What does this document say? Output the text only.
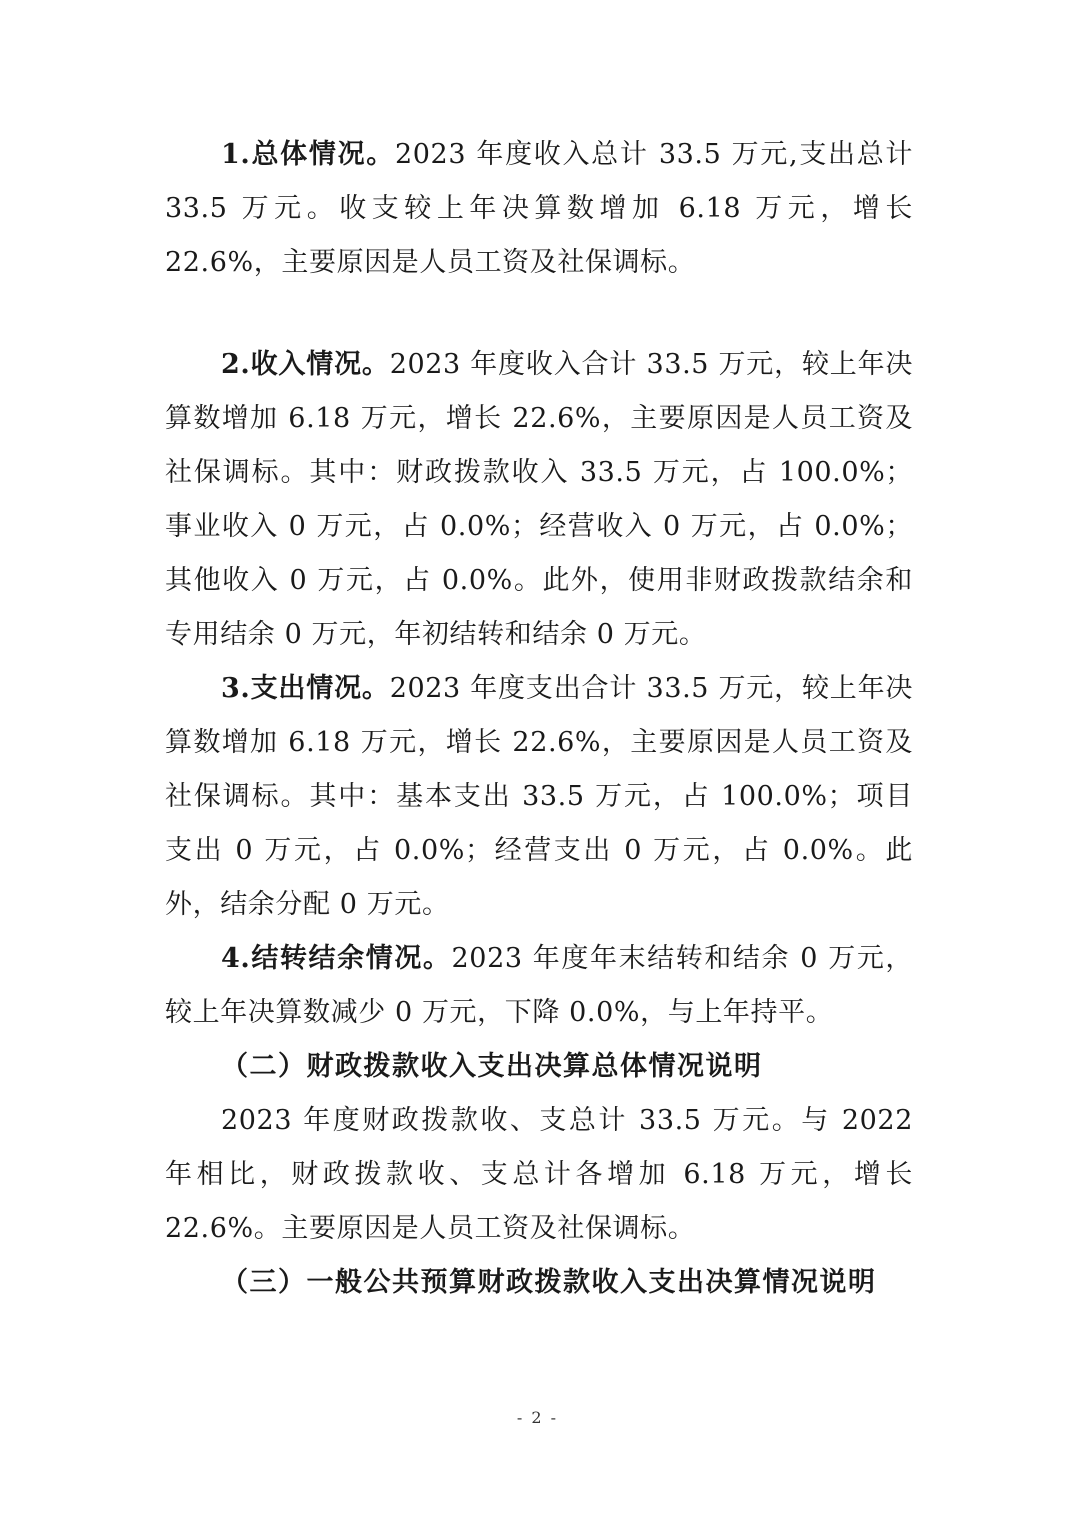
1.总体情况。2023 年度收入总计 33.5 万元,支出总计 33.5 万元。收支较上年决算数增加 6.18 万元，增长 22.6%，主要原因是人员工资及社保调标。

2.收入情况。2023 年度收入合计 33.5 万元，较上年决算数增加 6.18 万元，增长 22.6%，主要原因是人员工资及社保调标。其中：财政拨款收入 33.5 万元，占 100.0%；事业收入 0 万元，占 0.0%；经营收入 0 万元，占 0.0%；其他收入 0 万元，占 0.0%。此外，使用非财政拨款结余和专用结余 0 万元，年初结转和结余 0 万元。

3.支出情况。2023 年度支出合计 33.5 万元，较上年决算数增加 6.18 万元，增长 22.6%，主要原因是人员工资及社保调标。其中：基本支出 33.5 万元，占 100.0%；项目支出 0 万元，占 0.0%；经营支出 0 万元，占 0.0%。此外，结余分配 0 万元。

4.结转结余情况。2023 年度年末结转和结余 0 万元，较上年决算数减少 0 万元，下降 0.0%，与上年持平。

（二）财政拨款收入支出决算总体情况说明

2023 年度财政拨款收、支总计 33.5 万元。与 2022 年相比，财政拨款收、支总计各增加 6.18 万元，增长 22.6%。主要原因是人员工资及社保调标。

（三）一般公共预算财政拨款收入支出决算情况说明

- 2 -
